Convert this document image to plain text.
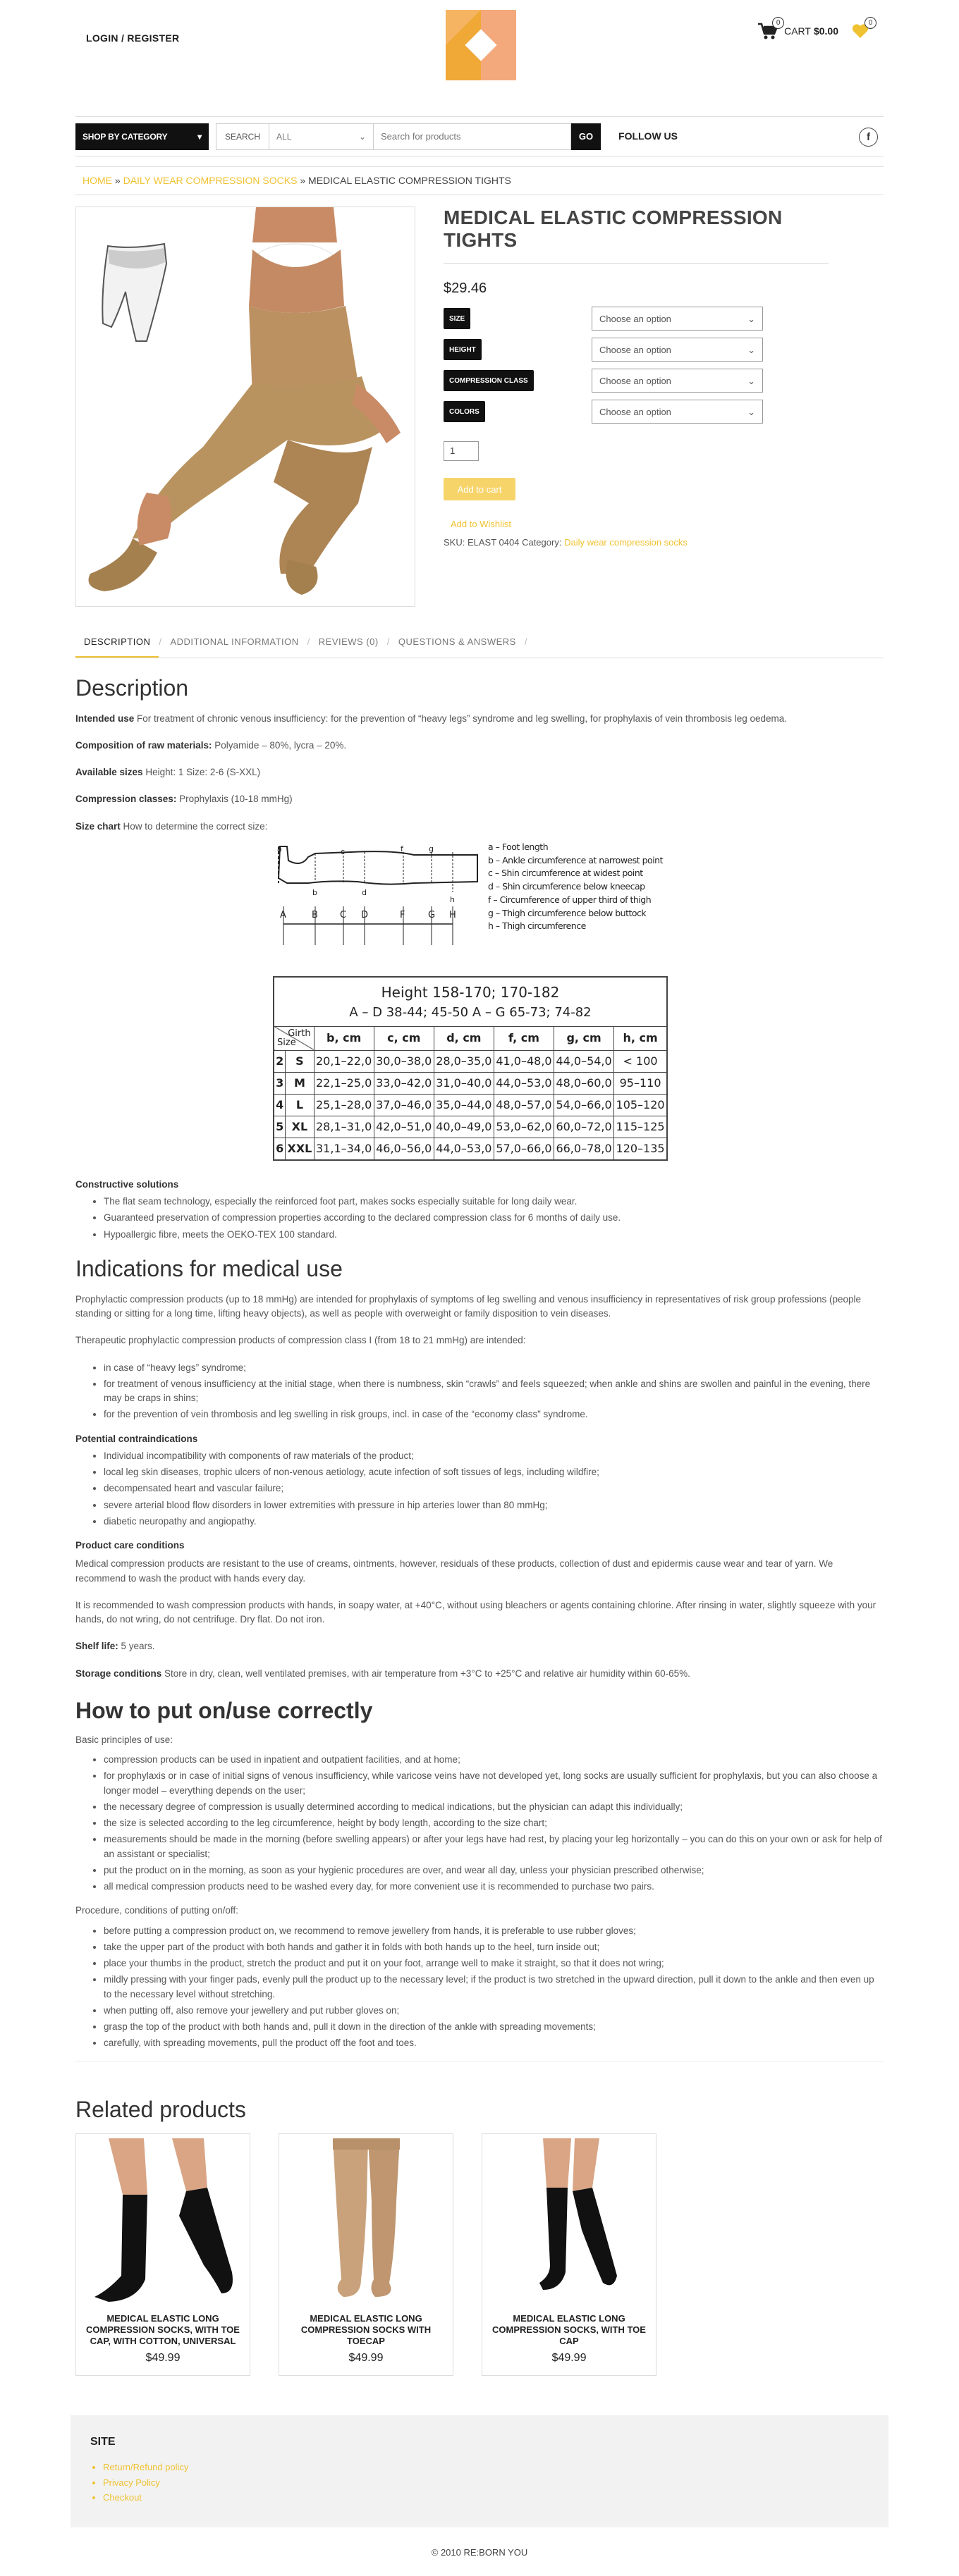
LOGIN / REGISTER
0
CART $0.00
0
SHOP BY CATEGORY	▾	SEARCH	ALL	⌄
Search for products	GO	FOLLOW US	f
HOME » DAILY WEAR COMPRESSION SOCKS » MEDICAL ELASTIC COMPRESSION TIGHTS
MEDICAL ELASTIC COMPRESSION TIGHTS
$29.46
SIZE	Choose an option	⌄
HEIGHT	Choose an option	⌄
COMPRESSION CLASS	Choose an option	⌄
COLORS	Choose an option	⌄
1
Add to cart
Add to Wishlist
SKU: ELAST 0404 Category: Daily wear compression socks
DESCRIPTION / ADDITIONAL INFORMATION / REVIEWS (0) / QUESTIONS & ANSWERS /
Description

Intended use For treatment of chronic venous insufficiency: for the prevention of “heavy legs” syndrome and leg swelling, for prophylaxis of vein thrombosis leg oedema.

Composition of raw materials: Polyamide – 80%, lycra – 20%.

Available sizes Height: 1 Size: 2-6 (S-XXL)

Compression classes: Prophylaxis (10-18 mmHg)

Size chart How to determine the correct size:

a
b
c
d
f	g
h
A	B C D	F	G H
a – Foot length
b – Ankle circumference at narrowest point
c – Shin circumference at widest point
d – Shin circumference below kneecap
f – Circumference of upper third of thigh
g – Thigh circumference below buttock
h – Thigh circumference
Height 158-170; 170-182
A – D 38-44; 45-50 A – G 65-73; 74-82							

Girth
Size		b, cm	c, cm	d, cm	f, cm	g, cm	h, cm
2	S	20,1–22,0	30,0–38,0	28,0–35,0	41,0–48,0	44,0–54,0	< 100
3	M	22,1–25,0	33,0–42,0	31,0–40,0	44,0–53,0	48,0–60,0	95–110
4	L	25,1–28,0	37,0–46,0	35,0–44,0	48,0–57,0	54,0–66,0	105–120
5	XL	28,1–31,0	42,0–51,0	40,0–49,0	53,0–62,0	60,0–72,0	115–125
6	XXL	31,1–34,0	46,0–56,0	44,0–53,0	57,0–66,0	66,0–78,0	120–135

Constructive solutions

• The flat seam technology, especially the reinforced foot part, makes socks especially suitable for long daily wear.
• Guaranteed preservation of compression properties according to the declared compression class for 6 months of daily use.
• Hypoallergic fibre, meets the OEKO-TEX 100 standard.
Indications for medical use

Prophylactic compression products (up to 18 mmHg) are intended for prophylaxis of symptoms of leg swelling and venous insufficiency in representatives of risk group professions (people standing or sitting for a long time, lifting heavy objects), as well as people with overweight or family disposition to vein diseases.

Therapeutic prophylactic compression products of compression class I (from 18 to 21 mmHg) are intended:

• in case of “heavy legs” syndrome;
• for treatment of venous insufficiency at the initial stage, when there is numbness, skin “crawls” and feels squeezed; when ankle and shins are swollen and painful in the evening, there may be craps in shins;
• for the prevention of vein thrombosis and leg swelling in risk groups, incl. in case of the “economy class” syndrome.

Potential contraindications

• Individual incompatibility with components of raw materials of the product;
• local leg skin diseases, trophic ulcers of non-venous aetiology, acute infection of soft tissues of legs, including wildfire;
• decompensated heart and vascular failure;
• severe arterial blood flow disorders in lower extremities with pressure in hip arteries lower than 80 mmHg;
• diabetic neuropathy and angiopathy.

Product care conditions

Medical compression products are resistant to the use of creams, ointments, however, residuals of these products, collection of dust and epidermis cause wear and tear of yarn. We recommend to wash the product with hands every day.

It is recommended to wash compression products with hands, in soapy water, at +40°C, without using bleachers or agents containing chlorine. After rinsing in water, slightly squeeze with your hands, do not wring, do not centrifuge. Dry flat. Do not iron.

Shelf life: 5 years.

Storage conditions Store in dry, clean, well ventilated premises, with air temperature from +3°C to +25°C and relative air humidity within 60-65%.

How to put on/use correctly

Basic principles of use:

• compression products can be used in inpatient and outpatient facilities, and at home;
• for prophylaxis or in case of initial signs of venous insufficiency, while varicose veins have not developed yet, long socks are usually sufficient for prophylaxis, but you can also choose a longer model – everything depends on the user;
• the necessary degree of compression is usually determined according to medical indications, but the physician can adapt this individually;
• the size is selected according to the leg circumference, height by body length, according to the size chart;
• measurements should be made in the morning (before swelling appears) or after your legs have had rest, by placing your leg horizontally – you can do this on your own or ask for help of an assistant or specialist;
• put the product on in the morning, as soon as your hygienic procedures are over, and wear all day, unless your physician prescribed otherwise;
• all medical compression products need to be washed every day, for more convenient use it is recommended to purchase two pairs.

Procedure, conditions of putting on/off:

• before putting a compression product on, we recommend to remove jewellery from hands, it is preferable to use rubber gloves;
• take the upper part of the product with both hands and gather it in folds with both hands up to the heel, turn inside out;
• place your thumbs in the product, stretch the product and put it on your foot, arrange well to make it straight, so that it does not wring;
• mildly pressing with your finger pads, evenly pull the product up to the necessary level; if the product is two stretched in the upward direction, pull it down to the ankle and then even up to the necessary level without stretching.
• when putting off, also remove your jewellery and put rubber gloves on;
• grasp the top of the product with both hands and, pull it down in the direction of the ankle with spreading movements;
• carefully, with spreading movements, pull the product off the foot and toes.
Related products
MEDICAL ELASTIC LONG COMPRESSION SOCKS, WITH TOE CAP, WITH COTTON, UNIVERSAL
$49.99
MEDICAL ELASTIC LONG COMPRESSION SOCKS WITH TOECAP
$49.99
MEDICAL ELASTIC LONG COMPRESSION SOCKS, WITH TOE CAP
$49.99
SITE
• Return/Refund policy
• Privacy Policy
• Checkout
© 2010 RE:BORN YOU
